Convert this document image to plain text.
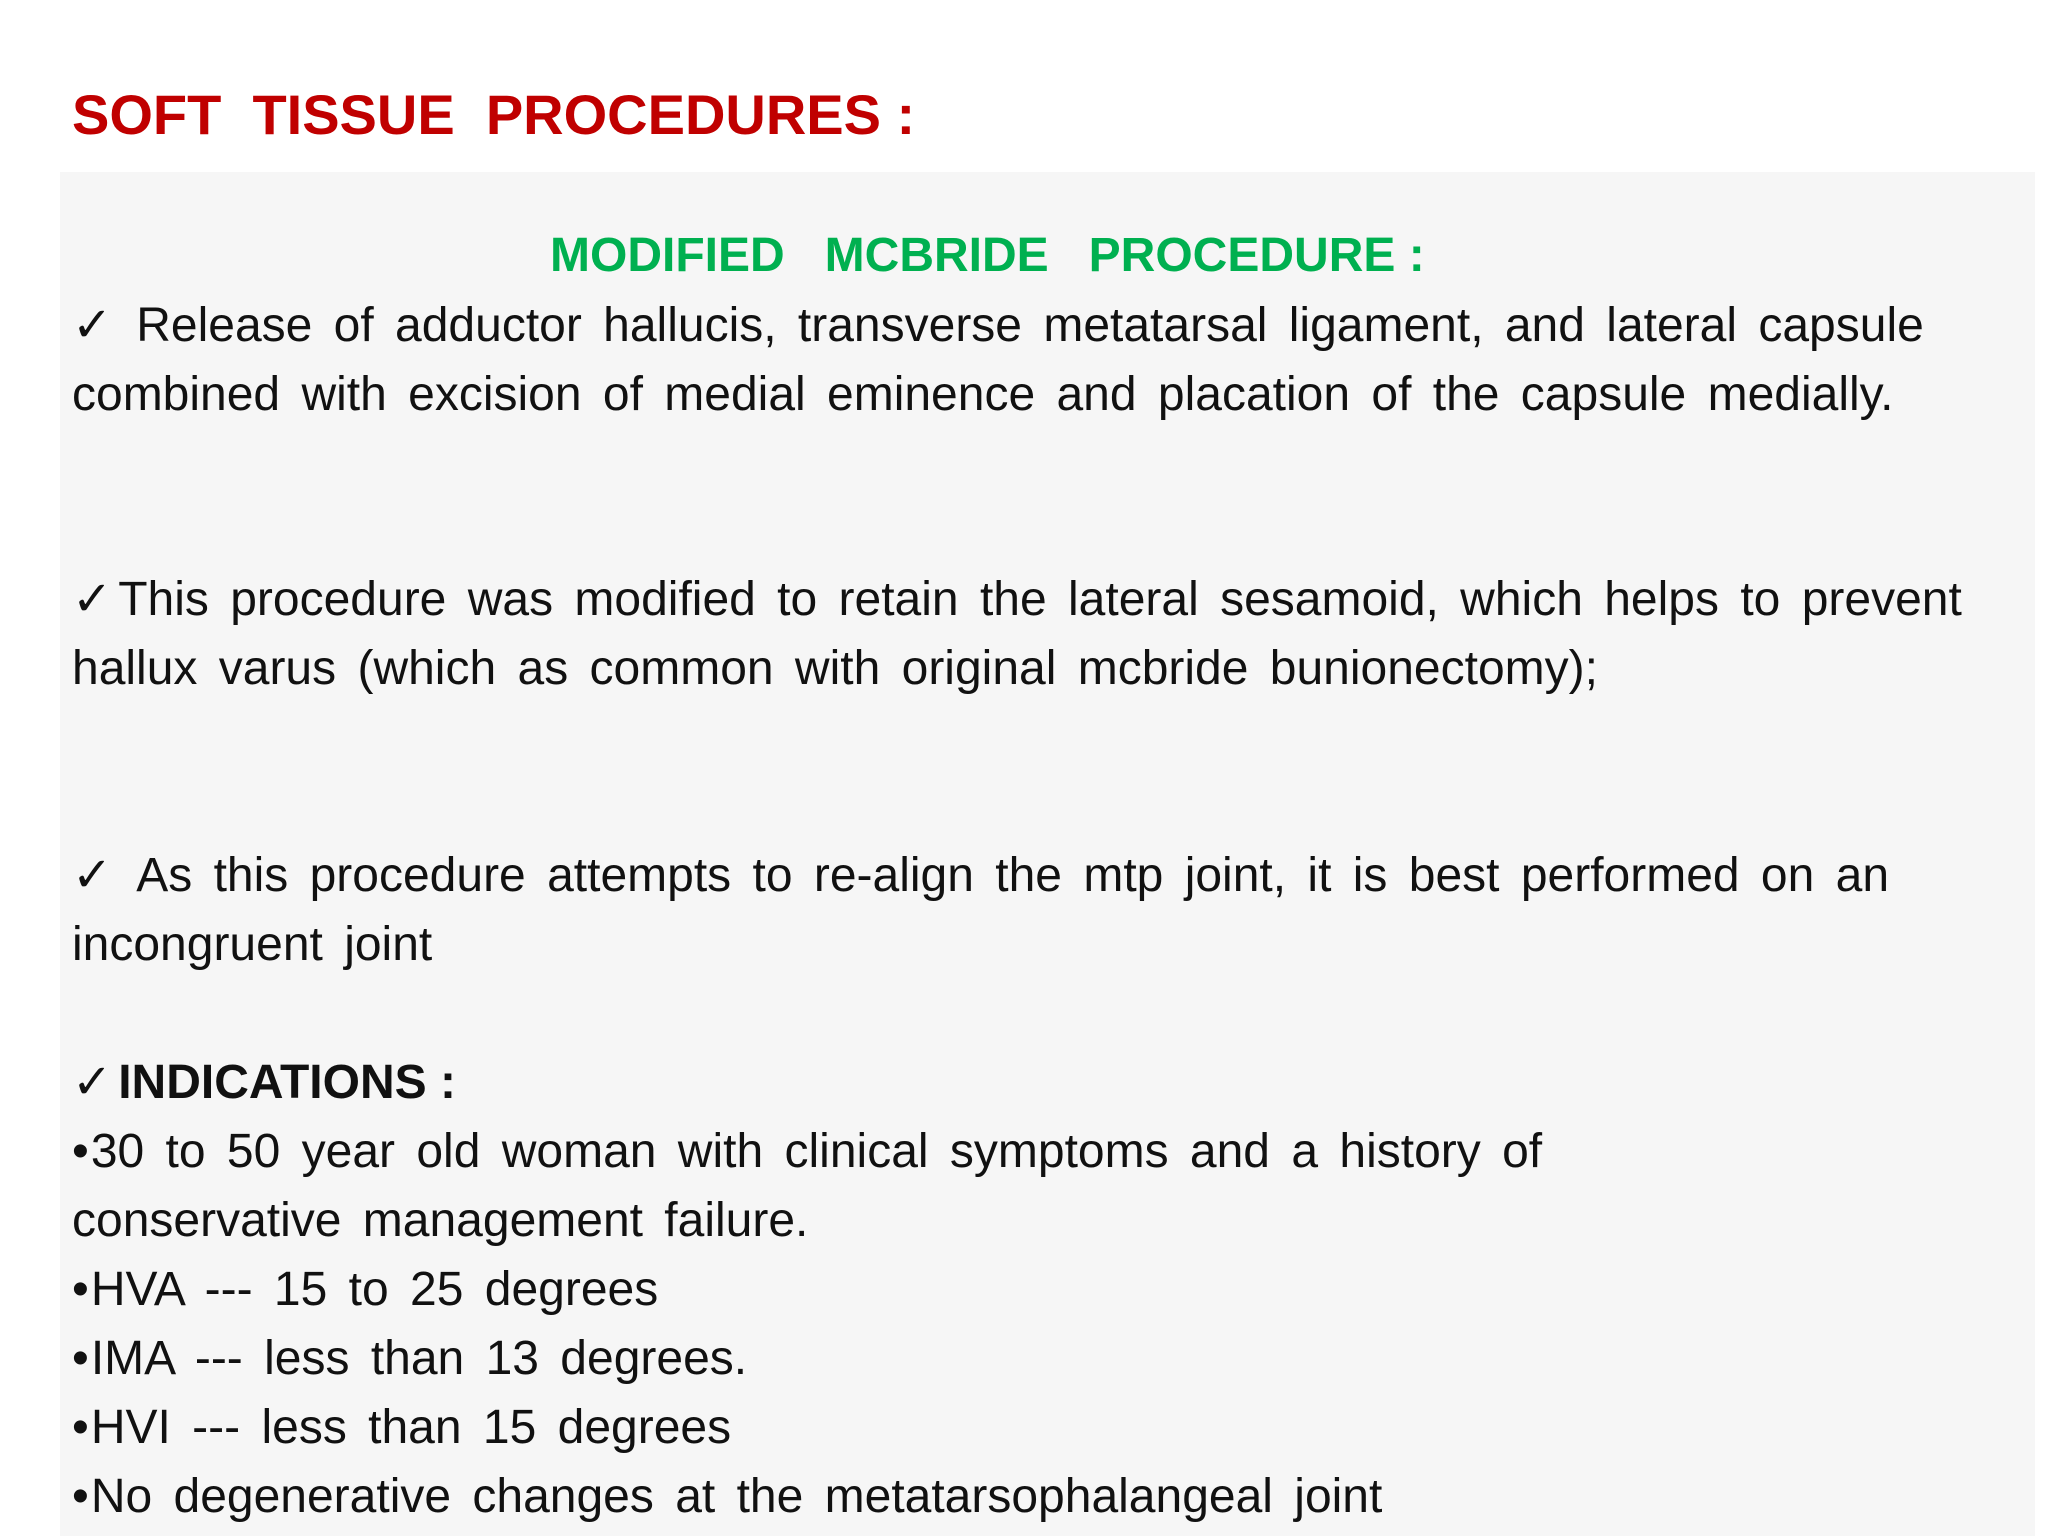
SOFT  TISSUE  PROCEDURES :
MODIFIED   MCBRIDE   PROCEDURE :
✓ Release of adductor hallucis, transverse metatarsal ligament, and lateral capsule combined with excision of medial eminence and placation of the capsule medially.
✓ This procedure was modified to retain the lateral sesamoid, which helps to prevent hallux varus (which as common with original mcbride bunionectomy);
✓ As this procedure attempts to re-align the mtp joint, it is best performed on an incongruent joint
✓ INDICATIONS :
•30 to 50 year old woman with clinical symptoms and a history of conservative management failure.
•HVA --- 15 to 25 degrees
•IMA --- less than 13 degrees.
•HVI --- less than 15 degrees
•No degenerative changes at the metatarsophalangeal joint
